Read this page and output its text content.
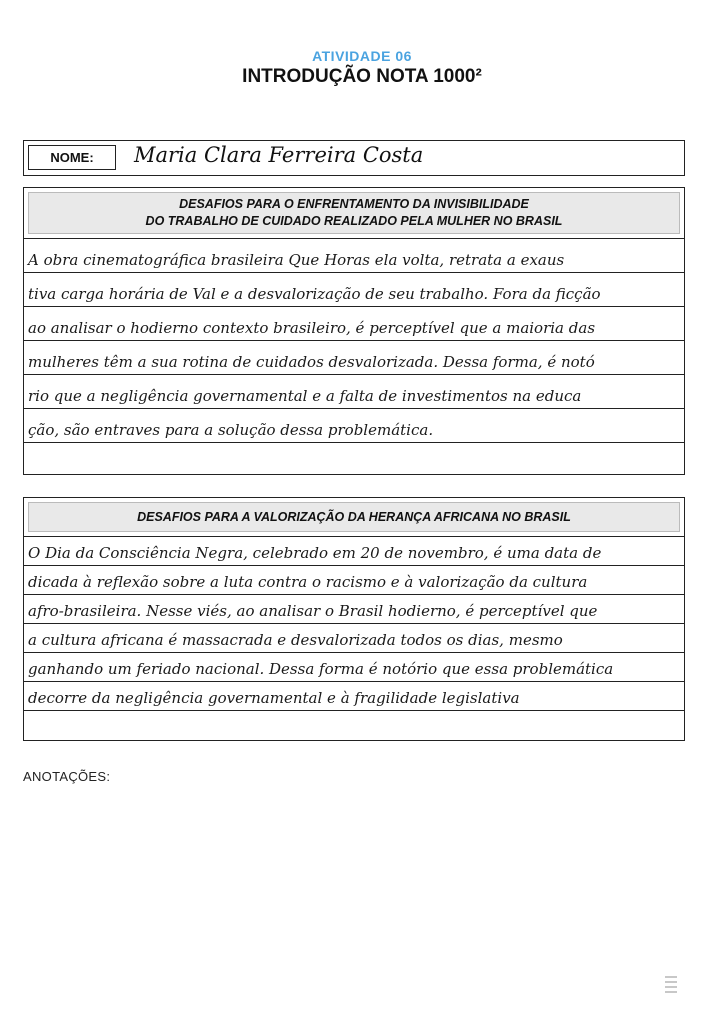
ATIVIDADE 06
INTRODUÇÃO NOTA 1000²
NOME:	Maria Clara Ferreira Costa
DESAFIOS PARA O ENFRENTAMENTO DA INVISIBILIDADE
DO TRABALHO DE CUIDADO REALIZADO PELA MULHER NO BRASIL
A obra cinematográfica brasileira Que Horas ela volta, retrata a exaus
tiva carga horária de Val e a desvalorização de seu trabalho. Fora da ficção
ao analisar o hodierno contexto brasileiro, é perceptível que a maioria das
mulheres têm a sua rotina de cuidados desvalorizada. Dessa forma, é notó
rio que a negligência governamental e a falta de investimentos na educa
ção, são entraves para a solução dessa problemática.
DESAFIOS PARA A VALORIZAÇÃO DA HERANÇA AFRICANA NO BRASIL
O Dia da Consciência Negra, celebrado em 20 de novembro, é uma data de
dicada à reflexão sobre a luta contra o racismo e à valorização da cultura
afro-brasileira. Nesse viés, ao analisar o Brasil hodierno, é perceptível que
a cultura africana é massacrada e desvalorizada todos os dias, mesmo
ganhando um feriado nacional. Dessa forma é notório que essa problemática
decorre da negligência governamental e à fragilidade legislativa
ANOTAÇÕES:
